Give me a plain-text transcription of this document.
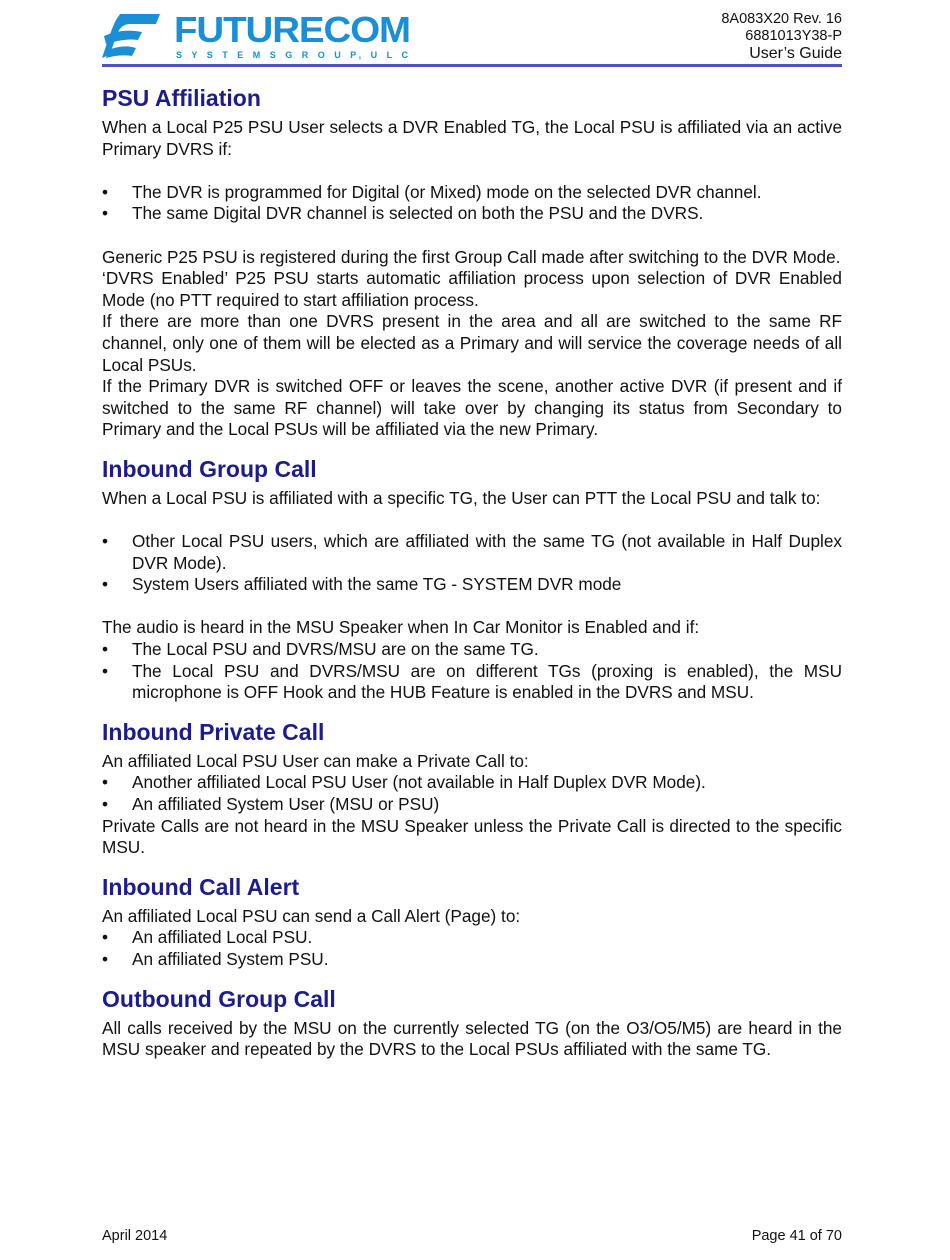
FUTURECOM
S Y S T E M S G R O U P, U L C
8A083X20 Rev. 16
6881013Y38-P
User’s Guide
PSU Affiliation

When a Local P25 PSU User selects a DVR Enabled TG, the Local PSU is affiliated via an active Primary DVRS if:

• The DVR is programmed for Digital (or Mixed) mode on the selected DVR channel.
• The same Digital DVR channel is selected on both the PSU and the DVRS.

Generic P25 PSU is registered during the first Group Call made after switching to the DVR Mode.

‘DVRS Enabled’ P25 PSU starts automatic affiliation process upon selection of DVR Enabled Mode (no PTT required to start affiliation process.

If there are more than one DVRS present in the area and all are switched to the same RF channel, only one of them will be elected as a Primary and will service the coverage needs of all Local PSUs.

If the Primary DVR is switched OFF or leaves the scene, another active DVR (if present and if switched to the same RF channel) will take over by changing its status from Secondary to Primary and the Local PSUs will be affiliated via the new Primary.

Inbound Group Call

When a Local PSU is affiliated with a specific TG, the User can PTT the Local PSU and talk to:

• Other Local PSU users, which are affiliated with the same TG (not available in Half Duplex DVR Mode).
• System Users affiliated with the same TG - SYSTEM DVR mode

The audio is heard in the MSU Speaker when In Car Monitor is Enabled and if:

• The Local PSU and DVRS/MSU are on the same TG.
• The Local PSU and DVRS/MSU are on different TGs (proxing is enabled), the MSU microphone is OFF Hook and the HUB Feature is enabled in the DVRS and MSU.
Inbound Private Call

An affiliated Local PSU User can make a Private Call to:

• Another affiliated Local PSU User (not available in Half Duplex DVR Mode).
• An affiliated System User (MSU or PSU)

Private Calls are not heard in the MSU Speaker unless the Private Call is directed to the specific MSU.

Inbound Call Alert

An affiliated Local PSU can send a Call Alert (Page) to:

• An affiliated Local PSU.
• An affiliated System PSU.
Outbound Group Call

All calls received by the MSU on the currently selected TG (on the O3/O5/M5) are heard in the MSU speaker and repeated by the DVRS to the Local PSUs affiliated with the same TG.

April 2014	Page 41 of 70
